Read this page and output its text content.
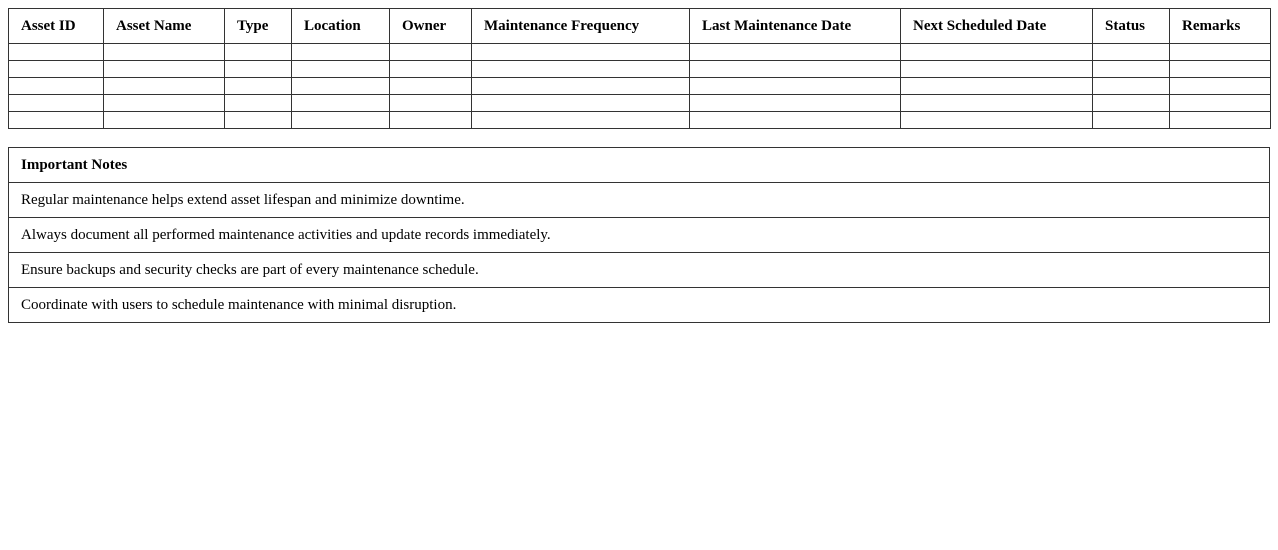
Asset ID	Asset Name	Type	Location	Owner	Maintenance Frequency	Last Maintenance Date	Next Scheduled Date	Status	Remarks

Important Notes
Regular maintenance helps extend asset lifespan and minimize downtime.
Always document all performed maintenance activities and update records immediately.
Ensure backups and security checks are part of every maintenance schedule.
Coordinate with users to schedule maintenance with minimal disruption.
